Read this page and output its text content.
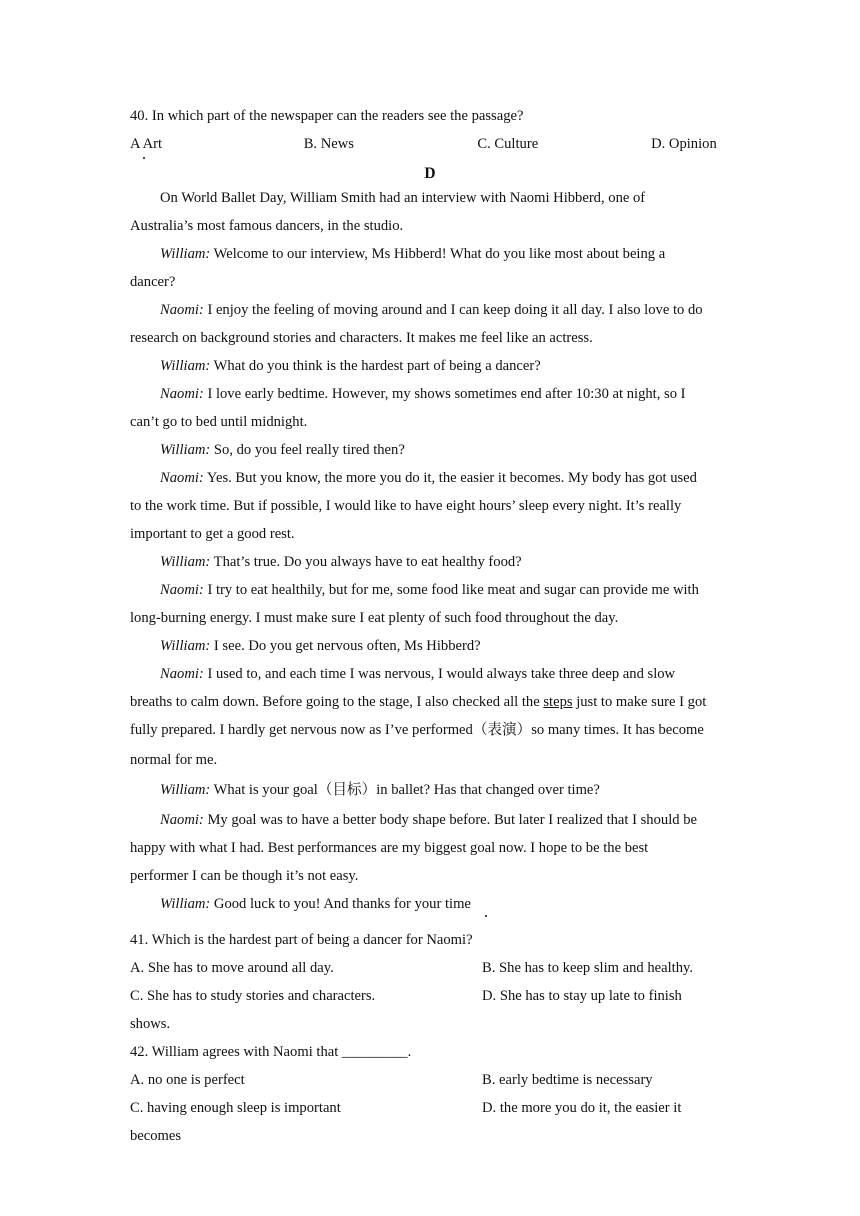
40. In which part of the newspaper can the readers see the passage?
A Art	B. News	C. Culture	D. Opinion
D
On World Ballet Day, William Smith had an interview with Naomi Hibberd, one of
Australia’s most famous dancers, in the studio.
William: Welcome to our interview, Ms Hibberd! What do you like most about being a
dancer?
Naomi: I enjoy the feeling of moving around and I can keep doing it all day. I also love to do
research on background stories and characters. It makes me feel like an actress.
William: What do you think is the hardest part of being a dancer?
Naomi: I love early bedtime. However, my shows sometimes end after 10:30 at night, so I
can’t go to bed until midnight.
William: So, do you feel really tired then?
Naomi: Yes. But you know, the more you do it, the easier it becomes. My body has got used
to the work time. But if possible, I would like to have eight hours’ sleep every night. It’s really
important to get a good rest.
William: That’s true. Do you always have to eat healthy food?
Naomi: I try to eat healthily, but for me, some food like meat and sugar can provide me with
long-burning energy. I must make sure I eat plenty of such food throughout the day.
William: I see. Do you get nervous often, Ms Hibberd?
Naomi: I used to, and each time I was nervous, I would always take three deep and slow
breaths to calm down. Before going to the stage, I also checked all the steps just to make sure I got
fully prepared. I hardly get nervous now as I’ve performed（表演）so many times. It has become
normal for me.
William: What is your goal（目标）in ballet? Has that changed over time?
Naomi: My goal was to have a better body shape before. But later I realized that I should be
happy with what I had. Best performances are my biggest goal now. I hope to be the best
performer I can be though it’s not easy.
William: Good luck to you! And thanks for your time
41. Which is the hardest part of being a dancer for Naomi?
A. She has to move around all day.	B. She has to keep slim and healthy.
C. She has to study stories and characters.	D. She has to stay up late to finish
shows.
42. William agrees with Naomi that _________.
A. no one is perfect	B. early bedtime is necessary
C. having enough sleep is important	D. the more you do it, the easier it
becomes
